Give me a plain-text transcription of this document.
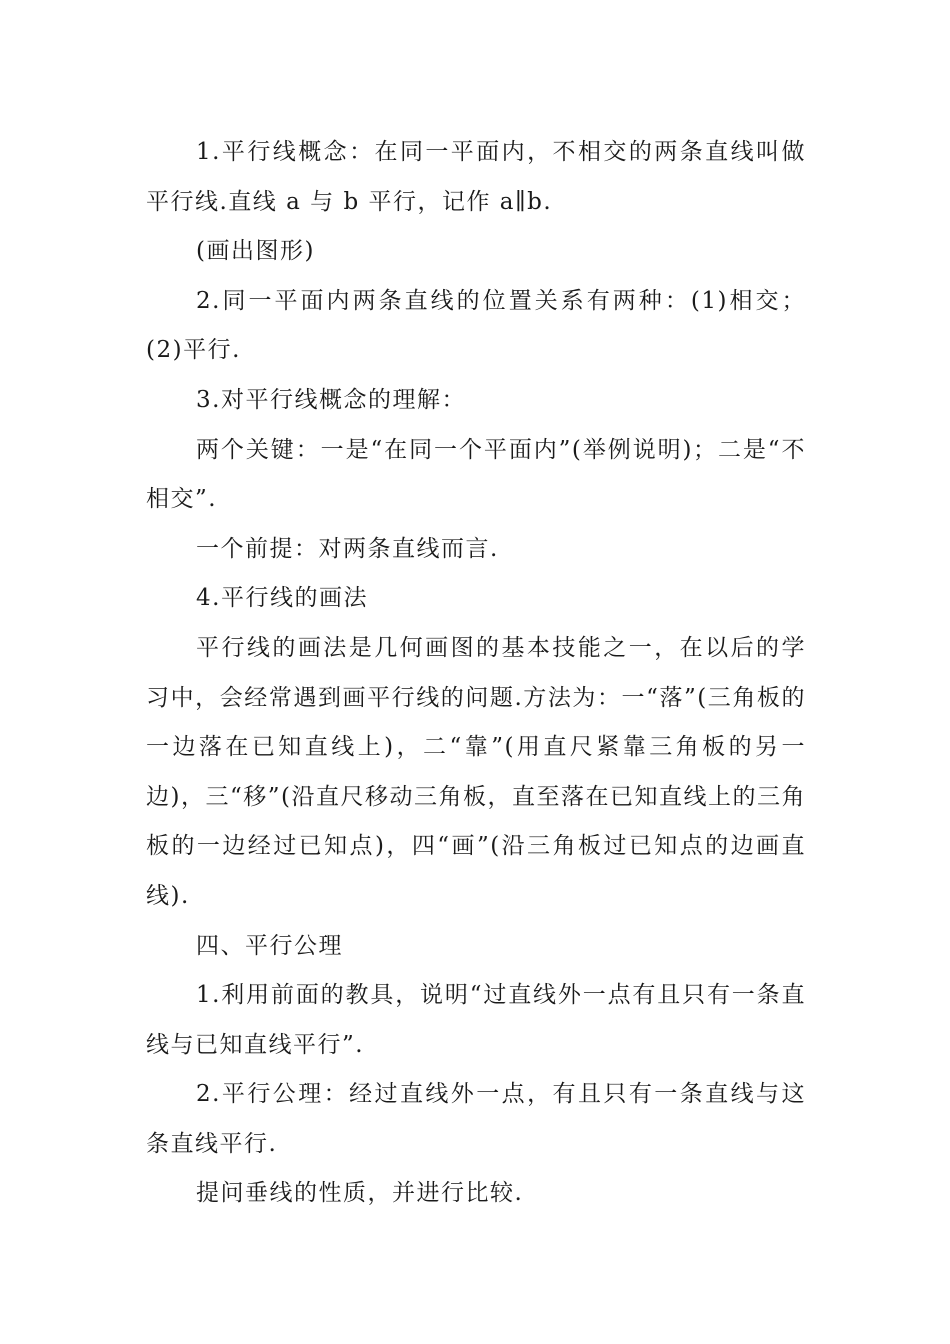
1.平行线概念：在同一平面内，不相交的两条直线叫做平行线.直线 a 与 b 平行，记作 a∥b.

(画出图形)

2.同一平面内两条直线的位置关系有两种：(1)相交；(2)平行.

3.对平行线概念的理解：

两个关键：一是“在同一个平面内”(举例说明)；二是“不相交”.

一个前提：对两条直线而言.

4.平行线的画法

平行线的画法是几何画图的基本技能之一，在以后的学习中，会经常遇到画平行线的问题.方法为：一“落”(三角板的一边落在已知直线上)，二“靠”(用直尺紧靠三角板的另一边)，三“移”(沿直尺移动三角板，直至落在已知直线上的三角板的一边经过已知点)，四“画”(沿三角板过已知点的边画直线).

四、平行公理

1.利用前面的教具，说明“过直线外一点有且只有一条直线与已知直线平行”.

2.平行公理：经过直线外一点，有且只有一条直线与这条直线平行.

提问垂线的性质，并进行比较.
